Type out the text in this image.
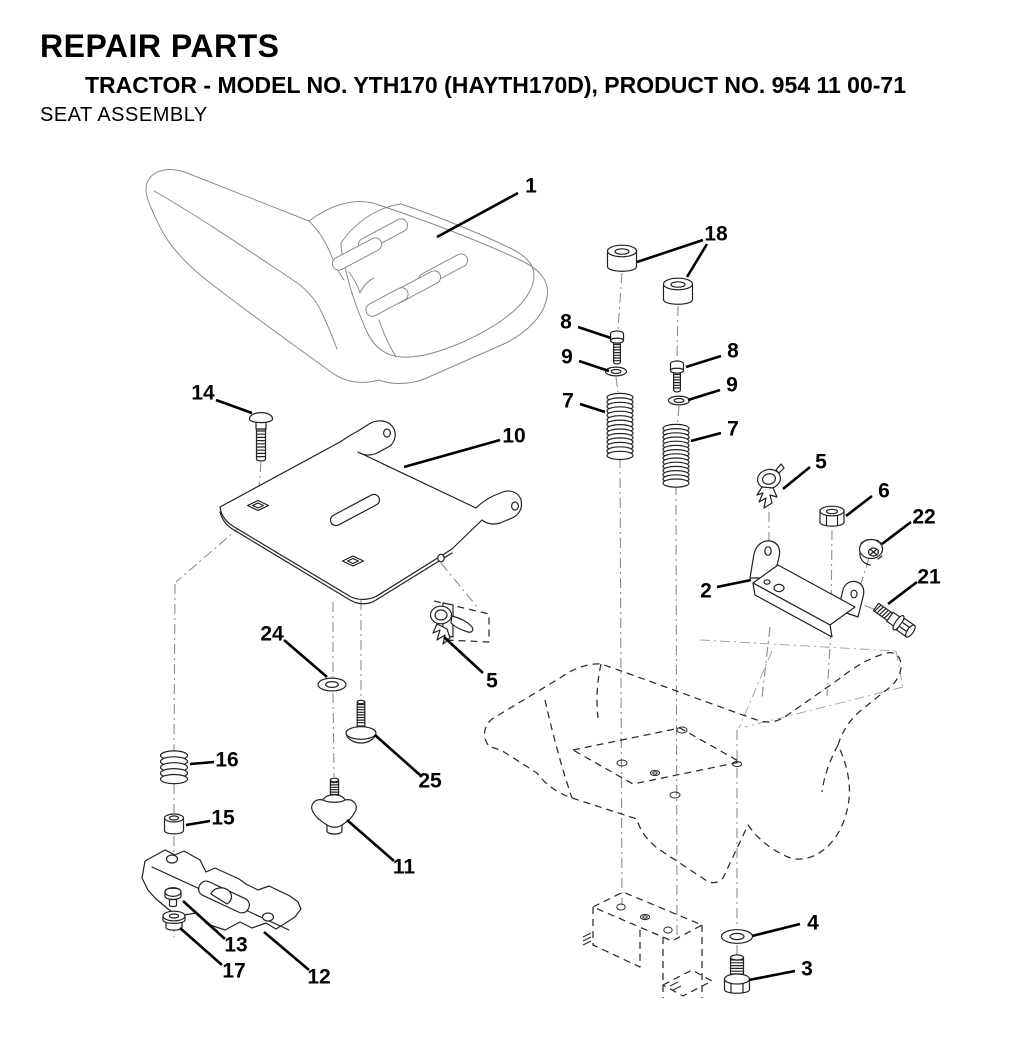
REPAIR PARTS
TRACTOR - MODEL NO. YTH170 (HAYTH170D), PRODUCT NO. 954 11 00-71
SEAT ASSEMBLY
1
18
8
9
7
8
9
7
14
10
5
6
22
2
21
24
5
25
16
15
11
13
17	12
4
3
